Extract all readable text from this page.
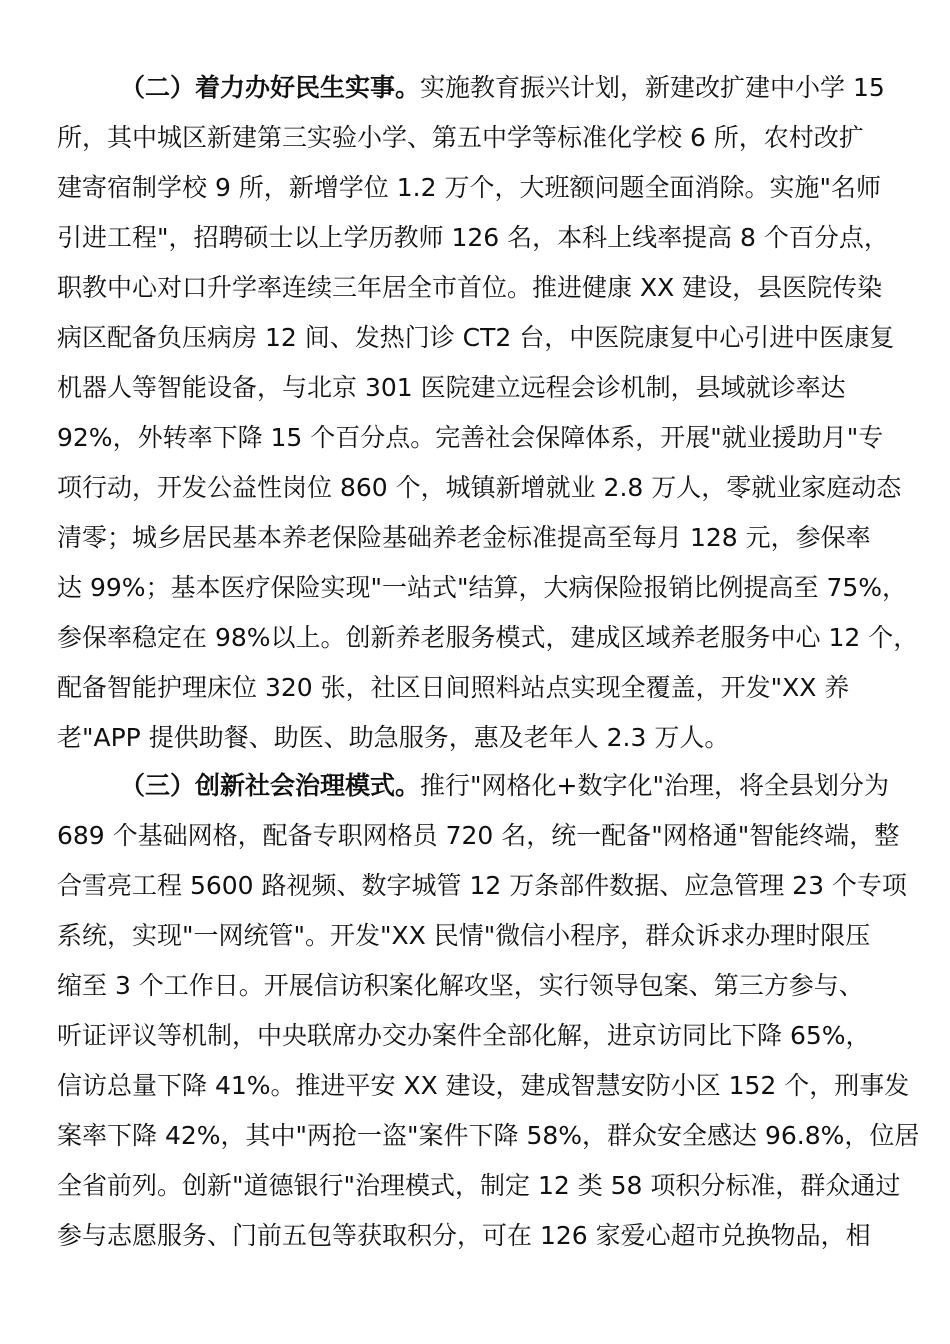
（二）着力办好民生实事。实施教育振兴计划，新建改扩建中小学 15
所，其中城区新建第三实验小学、第五中学等标准化学校 6 所，农村改扩
建寄宿制学校 9 所，新增学位 1.2 万个，大班额问题全面消除。实施"名师
引进工程"，招聘硕士以上学历教师 126 名，本科上线率提高 8 个百分点，
职教中心对口升学率连续三年居全市首位。推进健康 XX 建设，县医院传染
病区配备负压病房 12 间、发热门诊 CT2 台，中医院康复中心引进中医康复
机器人等智能设备，与北京 301 医院建立远程会诊机制，县域就诊率达
92%，外转率下降 15 个百分点。完善社会保障体系，开展"就业援助月"专
项行动，开发公益性岗位 860 个，城镇新增就业 2.8 万人，零就业家庭动态
清零；城乡居民基本养老保险基础养老金标准提高至每月 128 元，参保率
达 99%；基本医疗保险实现"一站式"结算，大病保险报销比例提高至 75%，
参保率稳定在 98%以上。创新养老服务模式，建成区域养老服务中心 12 个，
配备智能护理床位 320 张，社区日间照料站点实现全覆盖，开发"XX 养
老"APP 提供助餐、助医、助急服务，惠及老年人 2.3 万人。
（三）创新社会治理模式。推行"网格化+数字化"治理，将全县划分为
689 个基础网格，配备专职网格员 720 名，统一配备"网格通"智能终端，整
合雪亮工程 5600 路视频、数字城管 12 万条部件数据、应急管理 23 个专项
系统，实现"一网统管"。开发"XX 民情"微信小程序，群众诉求办理时限压
缩至 3 个工作日。开展信访积案化解攻坚，实行领导包案、第三方参与、
听证评议等机制，中央联席办交办案件全部化解，进京访同比下降 65%，
信访总量下降 41%。推进平安 XX 建设，建成智慧安防小区 152 个，刑事发
案率下降 42%，其中"两抢一盗"案件下降 58%，群众安全感达 96.8%，位居
全省前列。创新"道德银行"治理模式，制定 12 类 58 项积分标准，群众通过
参与志愿服务、门前五包等获取积分，可在 126 家爱心超市兑换物品，相
